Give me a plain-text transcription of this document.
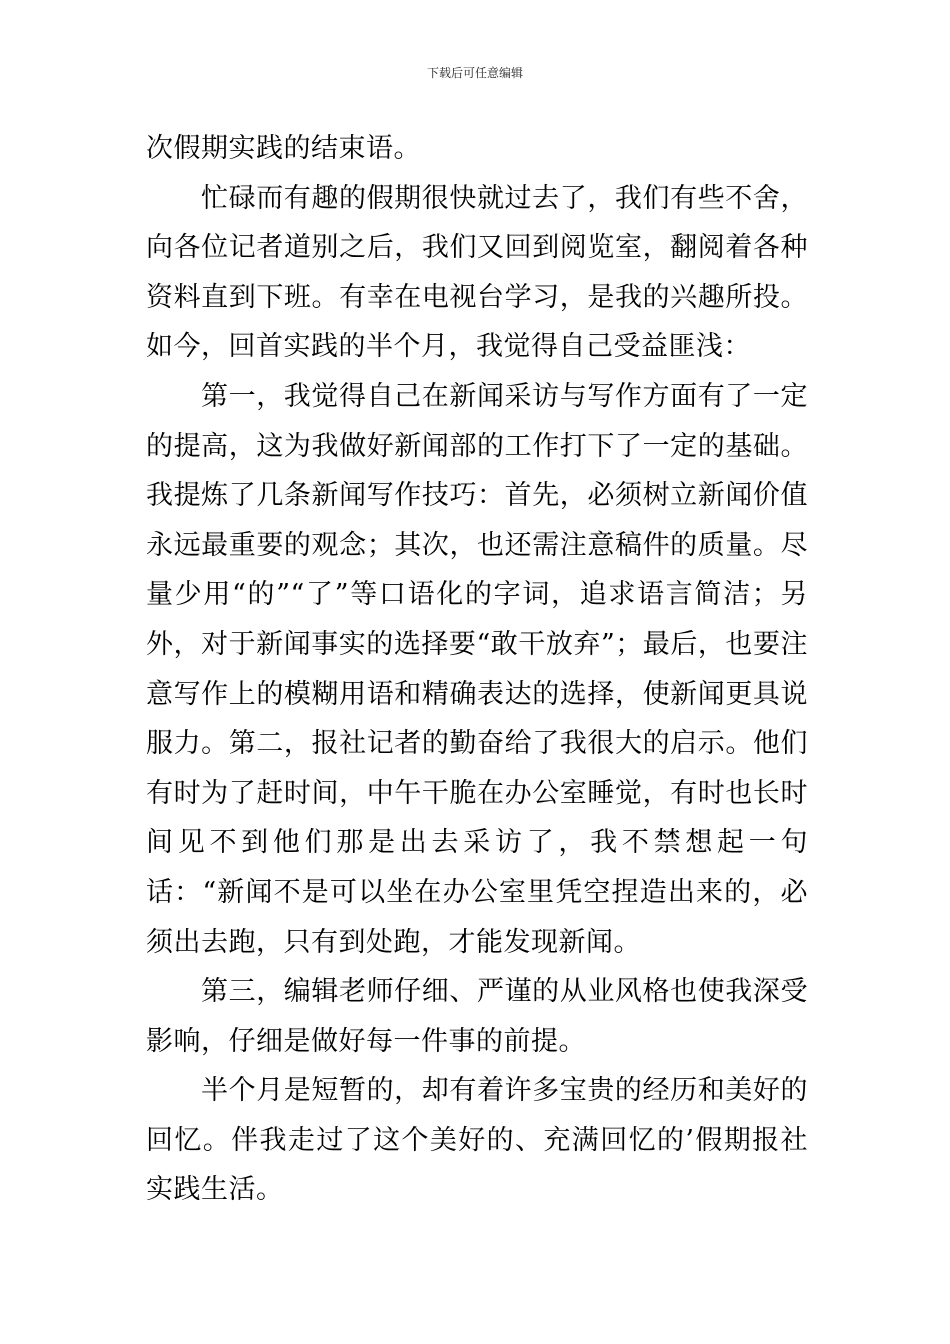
下载后可任意编辑

次假期实践的结束语。

忙碌而有趣的假期很快就过去了，我们有些不舍，向各位记者道别之后，我们又回到阅览室，翻阅着各种资料直到下班。有幸在电视台学习，是我的兴趣所投。如今，回首实践的半个月，我觉得自己受益匪浅：

第一，我觉得自己在新闻采访与写作方面有了一定的提高，这为我做好新闻部的工作打下了一定的基础。我提炼了几条新闻写作技巧：首先，必须树立新闻价值永远最重要的观念；其次，也还需注意稿件的质量。尽量少用“的”“了”等口语化的字词，追求语言简洁；另外，对于新闻事实的选择要“敢干放弃”；最后，也要注意写作上的模糊用语和精确表达的选择，使新闻更具说服力。第二，报社记者的勤奋给了我很大的启示。他们有时为了赶时间，中午干脆在办公室睡觉，有时也长时间见不到他们那是出去采访了，我不禁想起一句话：“新闻不是可以坐在办公室里凭空捏造出来的，必须出去跑，只有到处跑，才能发现新闻。

第三，编辑老师仔细、严谨的从业风格也使我深受影响，仔细是做好每一件事的前提。

半个月是短暂的，却有着许多宝贵的经历和美好的回忆。伴我走过了这个美好的、充满回忆的’假期报社实践生活。
